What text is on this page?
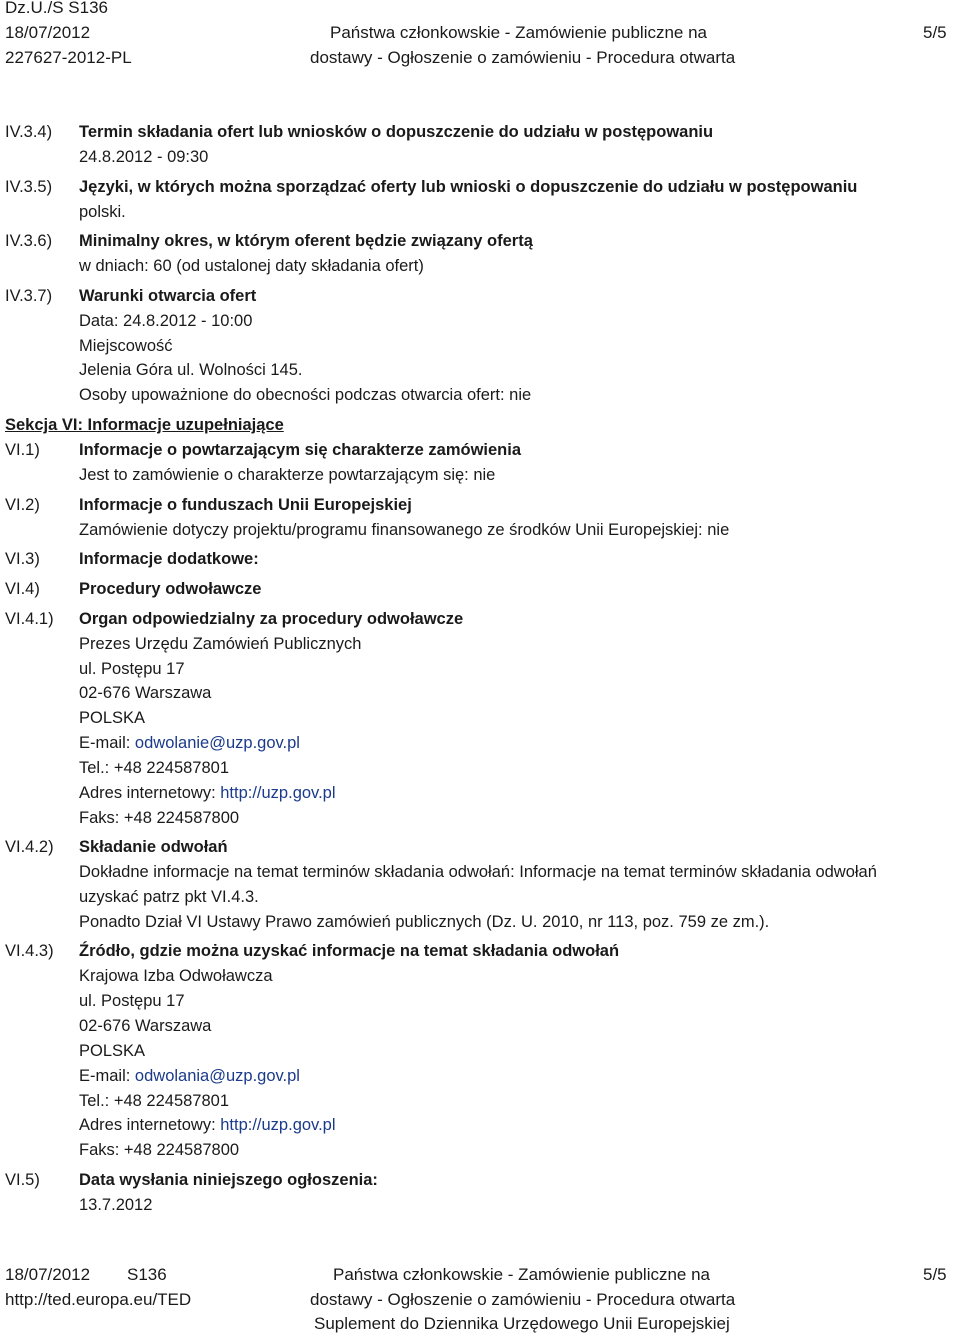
Dz.U./S S136
18/07/2012
227627-2012-PL
Państwa członkowskie - Zamówienie publiczne na
dostawy - Ogłoszenie o zamówieniu - Procedura otwarta
5/5
IV.3.4) Termin składania ofert lub wniosków o dopuszczenie do udziału w postępowaniu
24.8.2012 - 09:30
IV.3.5) Języki, w których można sporządzać oferty lub wnioski o dopuszczenie do udziału w postępowaniu
polski.
IV.3.6) Minimalny okres, w którym oferent będzie związany ofertą
w dniach: 60 (od ustalonej daty składania ofert)
IV.3.7) Warunki otwarcia ofert
Data: 24.8.2012 - 10:00
Miejscowość
Jelenia Góra ul. Wolności 145.
Osoby upoważnione do obecności podczas otwarcia ofert: nie
Sekcja VI: Informacje uzupełniające
VI.1) Informacje o powtarzającym się charakterze zamówienia
Jest to zamówienie o charakterze powtarzającym się: nie
VI.2) Informacje o funduszach Unii Europejskiej
Zamówienie dotyczy projektu/programu finansowanego ze środków Unii Europejskiej: nie
VI.3) Informacje dodatkowe:
VI.4) Procedury odwoławcze
VI.4.1) Organ odpowiedzialny za procedury odwoławcze
Prezes Urzędu Zamówień Publicznych
ul. Postępu 17
02-676 Warszawa
POLSKA
E-mail: odwolanie@uzp.gov.pl
Tel.: +48 224587801
Adres internetowy: http://uzp.gov.pl
Faks: +48 224587800
VI.4.2) Składanie odwołań
Dokładne informacje na temat terminów składania odwołań: Informacje na temat terminów składania odwołań
uzyskać patrz pkt VI.4.3.
Ponadto Dział VI Ustawy Prawo zamówień publicznych (Dz. U. 2010, nr 113, poz. 759 ze zm.).
VI.4.3) Źródło, gdzie można uzyskać informacje na temat składania odwołań
Krajowa Izba Odwoławcza
ul. Postępu 17
02-676 Warszawa
POLSKA
E-mail: odwolania@uzp.gov.pl
Tel.: +48 224587801
Adres internetowy: http://uzp.gov.pl
Faks: +48 224587800
VI.5) Data wysłania niniejszego ogłoszenia:
13.7.2012
18/07/2012 S136
http://ted.europa.eu/TED
Państwa członkowskie - Zamówienie publiczne na
dostawy - Ogłoszenie o zamówieniu - Procedura otwarta
Suplement do Dziennika Urzędowego Unii Europejskiej
5/5
